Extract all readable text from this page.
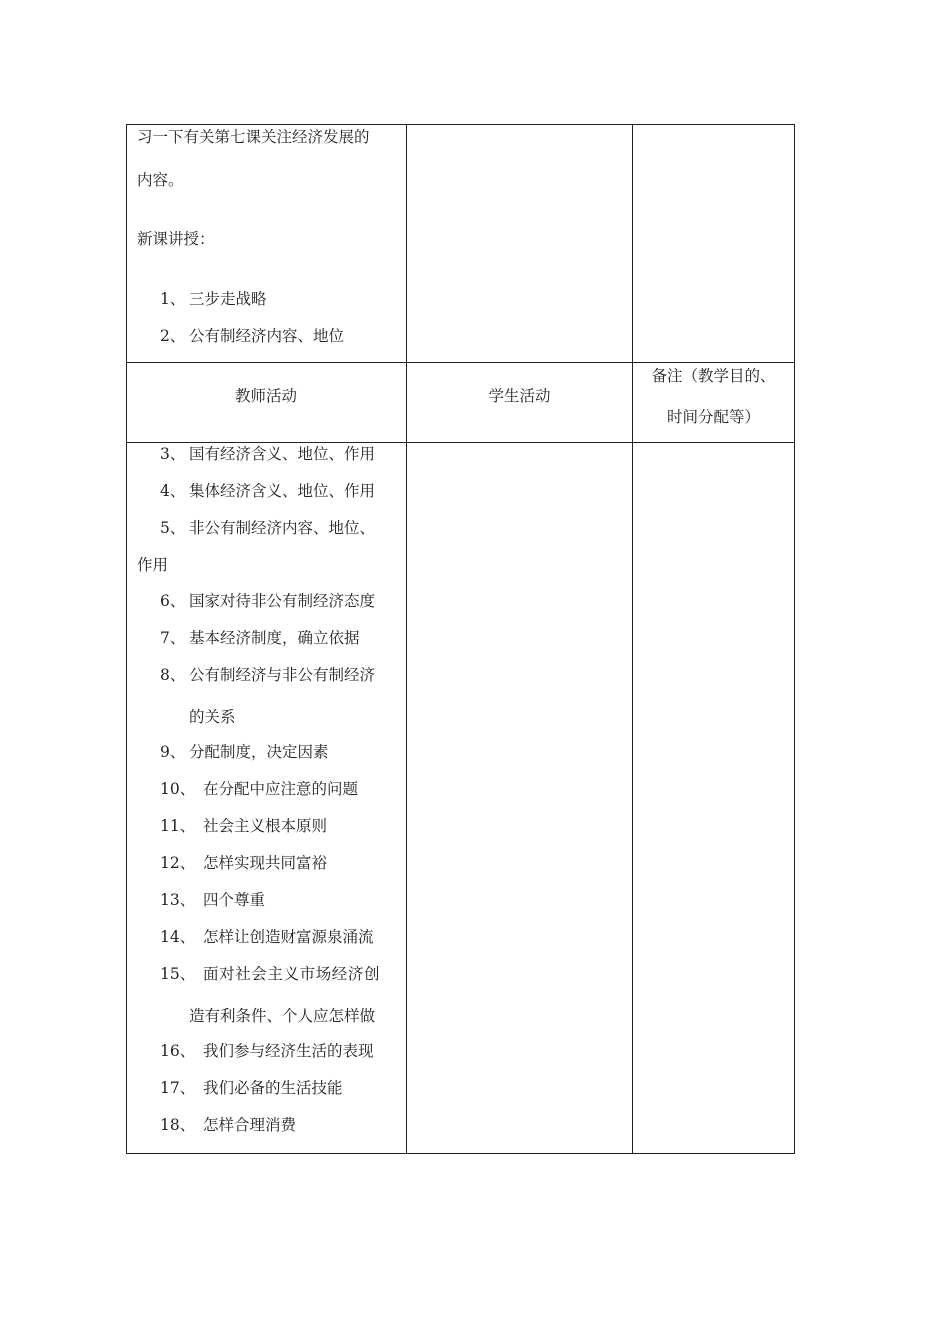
习一下有关第七课关注经济发展的
内容。
新课讲授：
1、 三步走战略
2、 公有制经济内容、地位
教师活动	学生活动
备注（教学目的、
时间分配等）
3、 国有经济含义、地位、作用
4、 集体经济含义、地位、作用
5、 非公有制经济内容、地位、
作用
6、 国家对待非公有制经济态度
7、 基本经济制度，确立依据
8、 公有制经济与非公有制经济
的关系
9、 分配制度，决定因素
10、 在分配中应注意的问题
11、 社会主义根本原则
12、 怎样实现共同富裕
13、 四个尊重
14、 怎样让创造财富源泉涌流
15、 面对社会主义市场经济创
造有利条件、个人应怎样做
16、 我们参与经济生活的表现
17、 我们必备的生活技能
18、 怎样合理消费
